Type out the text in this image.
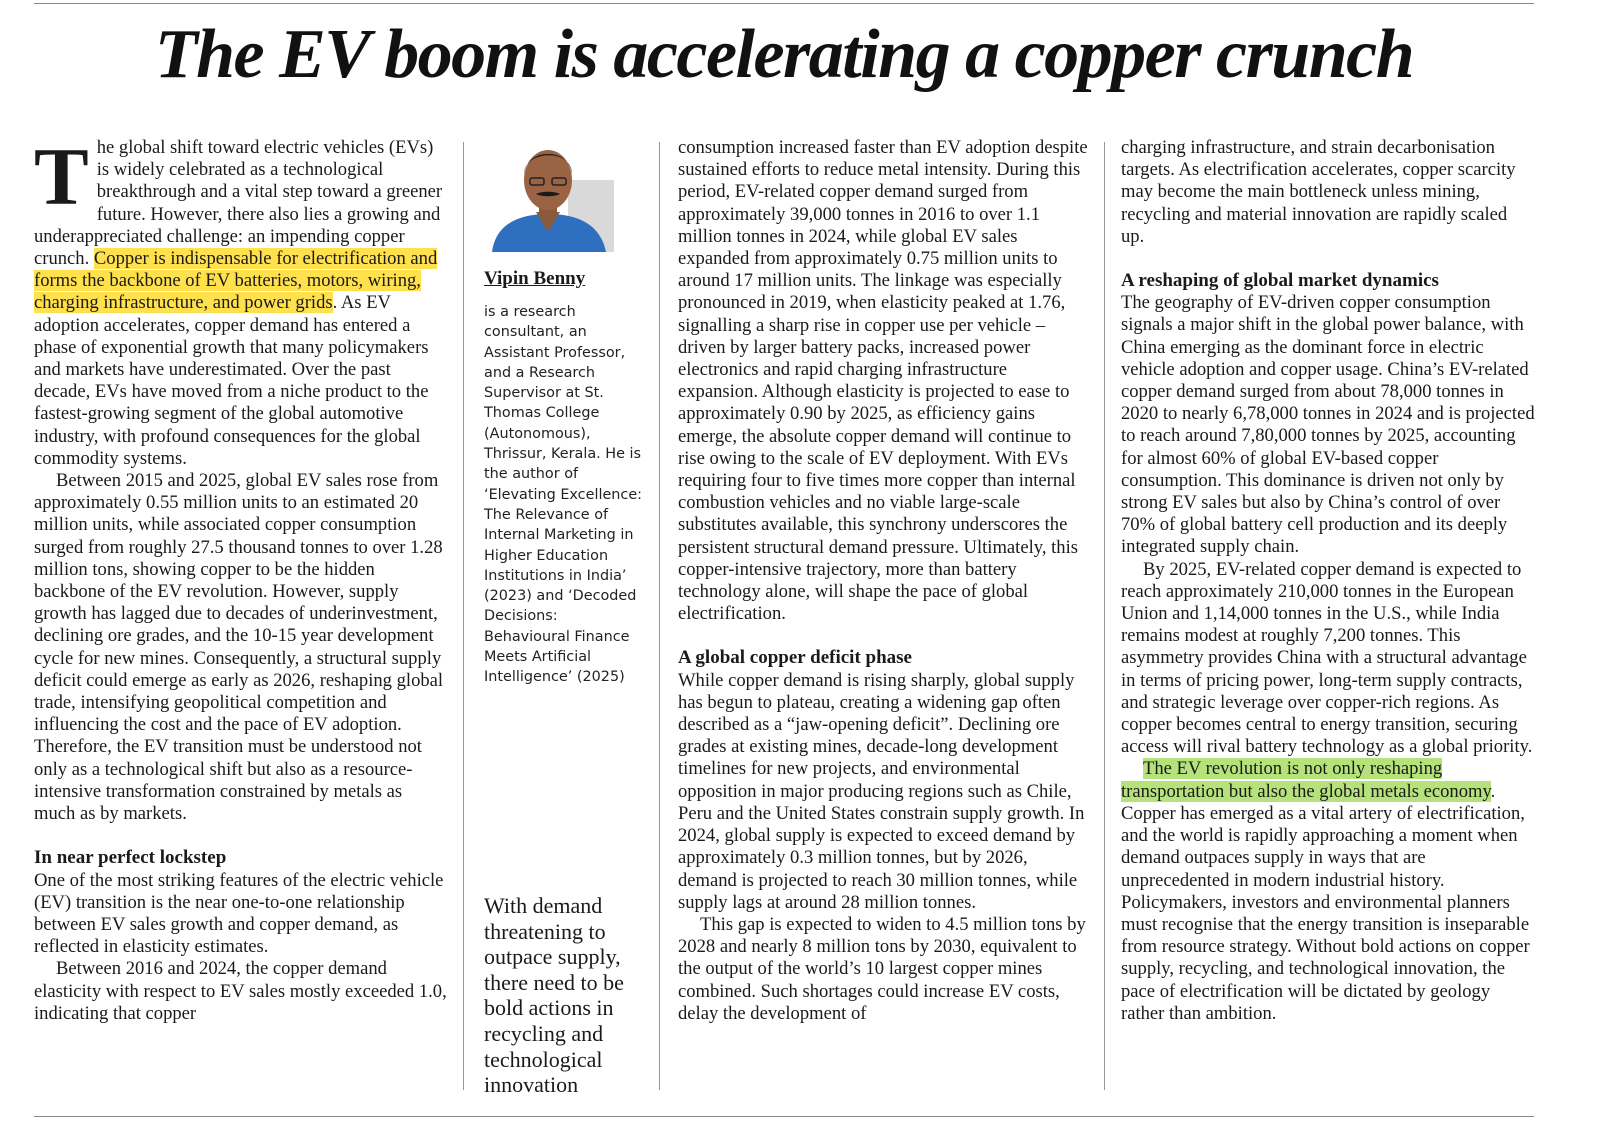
The EV boom is accelerating a copper crunch

The global shift toward electric vehicles (EVs) is widely celebrated as a technological breakthrough and a vital step toward a greener future. However, there also lies a growing and underappreciated challenge: an impending copper crunch. Copper is indispensable for electrification and forms the backbone of EV batteries, motors, wiring, charging infrastructure, and power grids. As EV adoption accelerates, copper demand has entered a phase of exponential growth that many policymakers and markets have underestimated. Over the past decade, EVs have moved from a niche product to the fastest-growing segment of the global automotive industry, with profound consequences for the global commodity systems.

Between 2015 and 2025, global EV sales rose from approximately 0.55 million units to an estimated 20 million units, while associated copper consumption surged from roughly 27.5 thousand tonnes to over 1.28 million tons, showing copper to be the hidden backbone of the EV revolution. However, supply growth has lagged due to decades of underinvestment, declining ore grades, and the 10-15 year development cycle for new mines. Consequently, a structural supply deficit could emerge as early as 2026, reshaping global trade, intensifying geopolitical competition and influencing the cost and the pace of EV adoption. Therefore, the EV transition must be understood not only as a technological shift but also as a resource-intensive transformation constrained by metals as much as by markets.

In near perfect lockstep

One of the most striking features of the electric vehicle (EV) transition is the near one-to-one relationship between EV sales growth and copper demand, as reflected in elasticity estimates.

Between 2016 and 2024, the copper demand elasticity with respect to EV sales mostly exceeded 1.0, indicating that copper

Vipin Benny
is a research consultant, an Assistant Professor, and a Research Supervisor at St. Thomas College (Autonomous), Thrissur, Kerala. He is the author of ‘Elevating Excellence: The Relevance of Internal Marketing in Higher Education Institutions in India’ (2023) and ‘Decoded Decisions: Behavioural Finance Meets Artificial Intelligence’ (2025)
With demand threatening to outpace supply, there need to be bold actions in recycling and technological innovation

consumption increased faster than EV adoption despite sustained efforts to reduce metal intensity. During this period, EV-related copper demand surged from approximately 39,000 tonnes in 2016 to over 1.1 million tonnes in 2024, while global EV sales expanded from approximately 0.75 million units to around 17 million units. The linkage was especially pronounced in 2019, when elasticity peaked at 1.76, signalling a sharp rise in copper use per vehicle – driven by larger battery packs, increased power electronics and rapid charging infrastructure expansion. Although elasticity is projected to ease to approximately 0.90 by 2025, as efficiency gains emerge, the absolute copper demand will continue to rise owing to the scale of EV deployment. With EVs requiring four to five times more copper than internal combustion vehicles and no viable large-scale substitutes available, this synchrony underscores the persistent structural demand pressure. Ultimately, this copper-intensive trajectory, more than battery technology alone, will shape the pace of global electrification.

A global copper deficit phase

While copper demand is rising sharply, global supply has begun to plateau, creating a widening gap often described as a “jaw-opening deficit”. Declining ore grades at existing mines, decade-long development timelines for new projects, and environmental opposition in major producing regions such as Chile, Peru and the United States constrain supply growth. In 2024, global supply is expected to exceed demand by approximately 0.3 million tonnes, but by 2026, demand is projected to reach 30 million tonnes, while supply lags at around 28 million tonnes.

This gap is expected to widen to 4.5 million tons by 2028 and nearly 8 million tons by 2030, equivalent to the output of the world’s 10 largest copper mines combined. Such shortages could increase EV costs, delay the development of

charging infrastructure, and strain decarbonisation targets. As electrification accelerates, copper scarcity may become the main bottleneck unless mining, recycling and material innovation are rapidly scaled up.

A reshaping of global market dynamics

The geography of EV-driven copper consumption signals a major shift in the global power balance, with China emerging as the dominant force in electric vehicle adoption and copper usage. China’s EV-related copper demand surged from about 78,000 tonnes in 2020 to nearly 6,78,000 tonnes in 2024 and is projected to reach around 7,80,000 tonnes by 2025, accounting for almost 60% of global EV-based copper consumption. This dominance is driven not only by strong EV sales but also by China’s control of over 70% of global battery cell production and its deeply integrated supply chain.

By 2025, EV-related copper demand is expected to reach approximately 210,000 tonnes in the European Union and 1,14,000 tonnes in the U.S., while India remains modest at roughly 7,200 tonnes. This asymmetry provides China with a structural advantage in terms of pricing power, long-term supply contracts, and strategic leverage over copper-rich regions. As copper becomes central to energy transition, securing access will rival battery technology as a global priority.

The EV revolution is not only reshaping transportation but also the global metals economy. Copper has emerged as a vital artery of electrification, and the world is rapidly approaching a moment when demand outpaces supply in ways that are unprecedented in modern industrial history. Policymakers, investors and environmental planners must recognise that the energy transition is inseparable from resource strategy. Without bold actions on copper supply, recycling, and technological innovation, the pace of electrification will be dictated by geology rather than ambition.
